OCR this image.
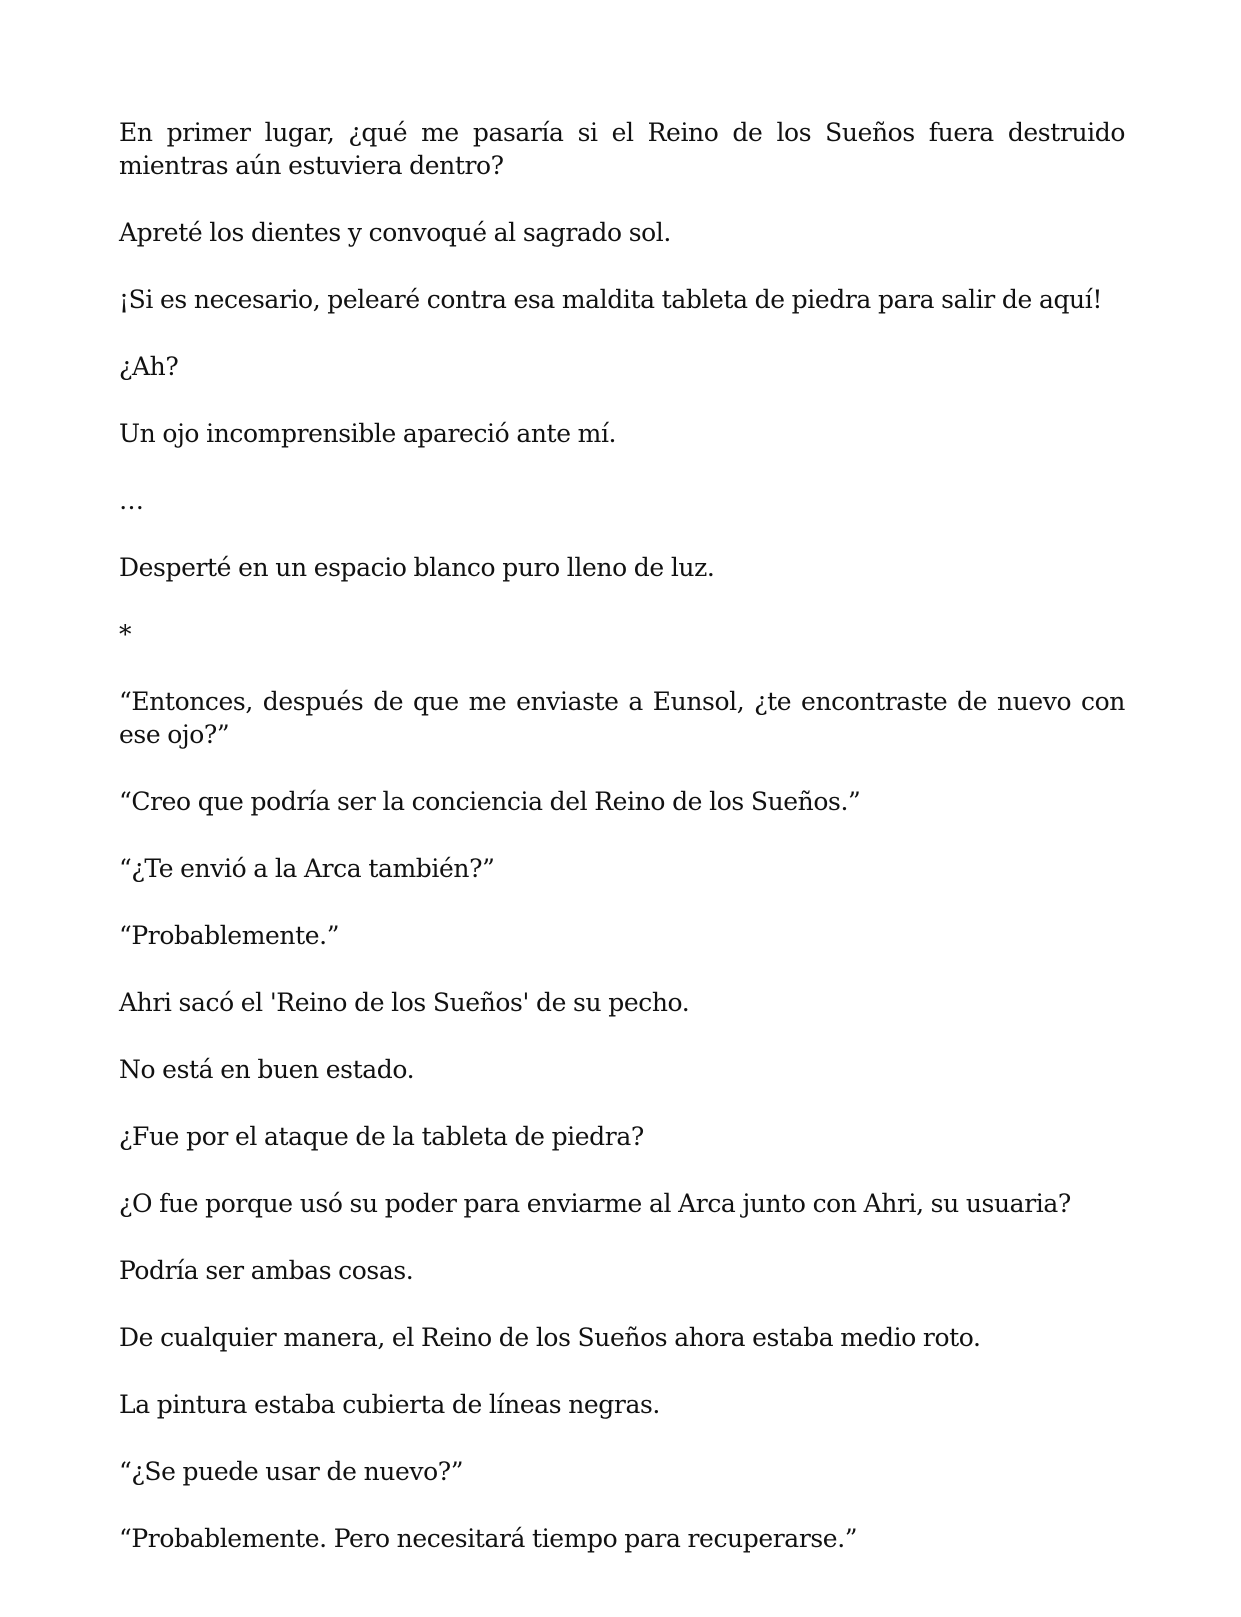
En primer lugar, ¿qué me pasaría si el Reino de los Sueños fuera destruido mientras aún estuviera dentro?

Apreté los dientes y convoqué al sagrado sol.

¡Si es necesario, pelearé contra esa maldita tableta de piedra para salir de aquí!

¿Ah?

Un ojo incomprensible apareció ante mí.

…

Desperté en un espacio blanco puro lleno de luz.

*

“Entonces, después de que me enviaste a Eunsol, ¿te encontraste de nuevo con ese ojo?”

“Creo que podría ser la conciencia del Reino de los Sueños.”

“¿Te envió a la Arca también?”

“Probablemente.”

Ahri sacó el 'Reino de los Sueños' de su pecho.

No está en buen estado.

¿Fue por el ataque de la tableta de piedra?

¿O fue porque usó su poder para enviarme al Arca junto con Ahri, su usuaria?

Podría ser ambas cosas.

De cualquier manera, el Reino de los Sueños ahora estaba medio roto.

La pintura estaba cubierta de líneas negras.

“¿Se puede usar de nuevo?”

“Probablemente. Pero necesitará tiempo para recuperarse.”
